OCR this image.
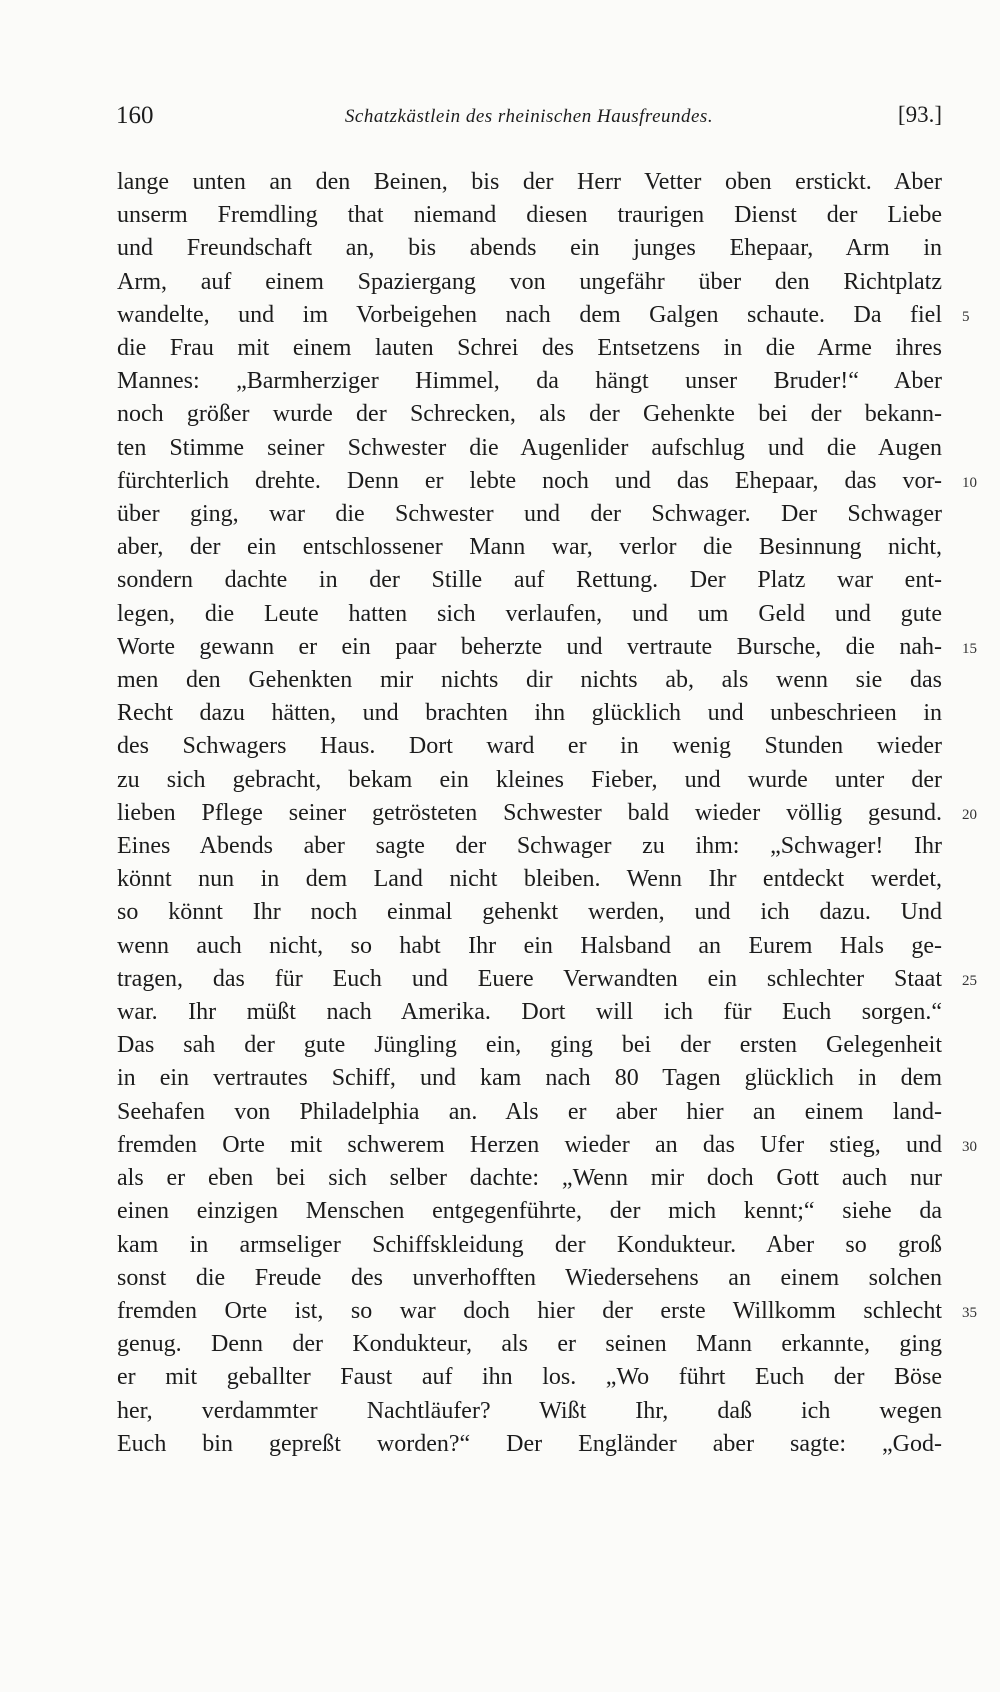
160	Schatzkästlein des rheinischen Hausfreundes.	[93.]
lange unten an den Beinen, bis der Herr Vetter oben erstickt. Aber
unserm Fremdling that niemand diesen traurigen Dienst der Liebe
und Freundschaft an, bis abends ein junges Ehepaar, Arm in
Arm, auf einem Spaziergang von ungefähr über den Richtplatz
wandelte, und im Vorbeigehen nach dem Galgen schaute. Da fiel 5
die Frau mit einem lauten Schrei des Entsetzens in die Arme ihres
Mannes: „Barmherziger Himmel, da hängt unser Bruder!“ Aber
noch größer wurde der Schrecken, als der Gehenkte bei der bekann-
ten Stimme seiner Schwester die Augenlider aufschlug und die Augen
fürchterlich drehte. Denn er lebte noch und das Ehepaar, das vor- 10
über ging, war die Schwester und der Schwager. Der Schwager
aber, der ein entschlossener Mann war, verlor die Besinnung nicht,
sondern dachte in der Stille auf Rettung. Der Platz war ent-
legen, die Leute hatten sich verlaufen, und um Geld und gute
Worte gewann er ein paar beherzte und vertraute Bursche, die nah- 15
men den Gehenkten mir nichts dir nichts ab, als wenn sie das
Recht dazu hätten, und brachten ihn glücklich und unbeschrieen in
des Schwagers Haus. Dort ward er in wenig Stunden wieder
zu sich gebracht, bekam ein kleines Fieber, und wurde unter der
lieben Pflege seiner getrösteten Schwester bald wieder völlig gesund. 20
Eines Abends aber sagte der Schwager zu ihm: „Schwager! Ihr
könnt nun in dem Land nicht bleiben. Wenn Ihr entdeckt werdet,
so könnt Ihr noch einmal gehenkt werden, und ich dazu. Und
wenn auch nicht, so habt Ihr ein Halsband an Eurem Hals ge-
tragen, das für Euch und Euere Verwandten ein schlechter Staat 25
war. Ihr müßt nach Amerika. Dort will ich für Euch sorgen.“
Das sah der gute Jüngling ein, ging bei der ersten Gelegenheit
in ein vertrautes Schiff, und kam nach 80 Tagen glücklich in dem
Seehafen von Philadelphia an. Als er aber hier an einem land-
fremden Orte mit schwerem Herzen wieder an das Ufer stieg, und 30
als er eben bei sich selber dachte: „Wenn mir doch Gott auch nur
einen einzigen Menschen entgegenführte, der mich kennt;“ siehe da
kam in armseliger Schiffskleidung der Kondukteur. Aber so groß
sonst die Freude des unverhofften Wiedersehens an einem solchen
fremden Orte ist, so war doch hier der erste Willkomm schlecht 35
genug. Denn der Kondukteur, als er seinen Mann erkannte, ging
er mit geballter Faust auf ihn los. „Wo führt Euch der Böse
her, verdammter Nachtläufer? Wißt Ihr, daß ich wegen
Euch bin gepreßt worden?“ Der Engländer aber sagte: „God-
